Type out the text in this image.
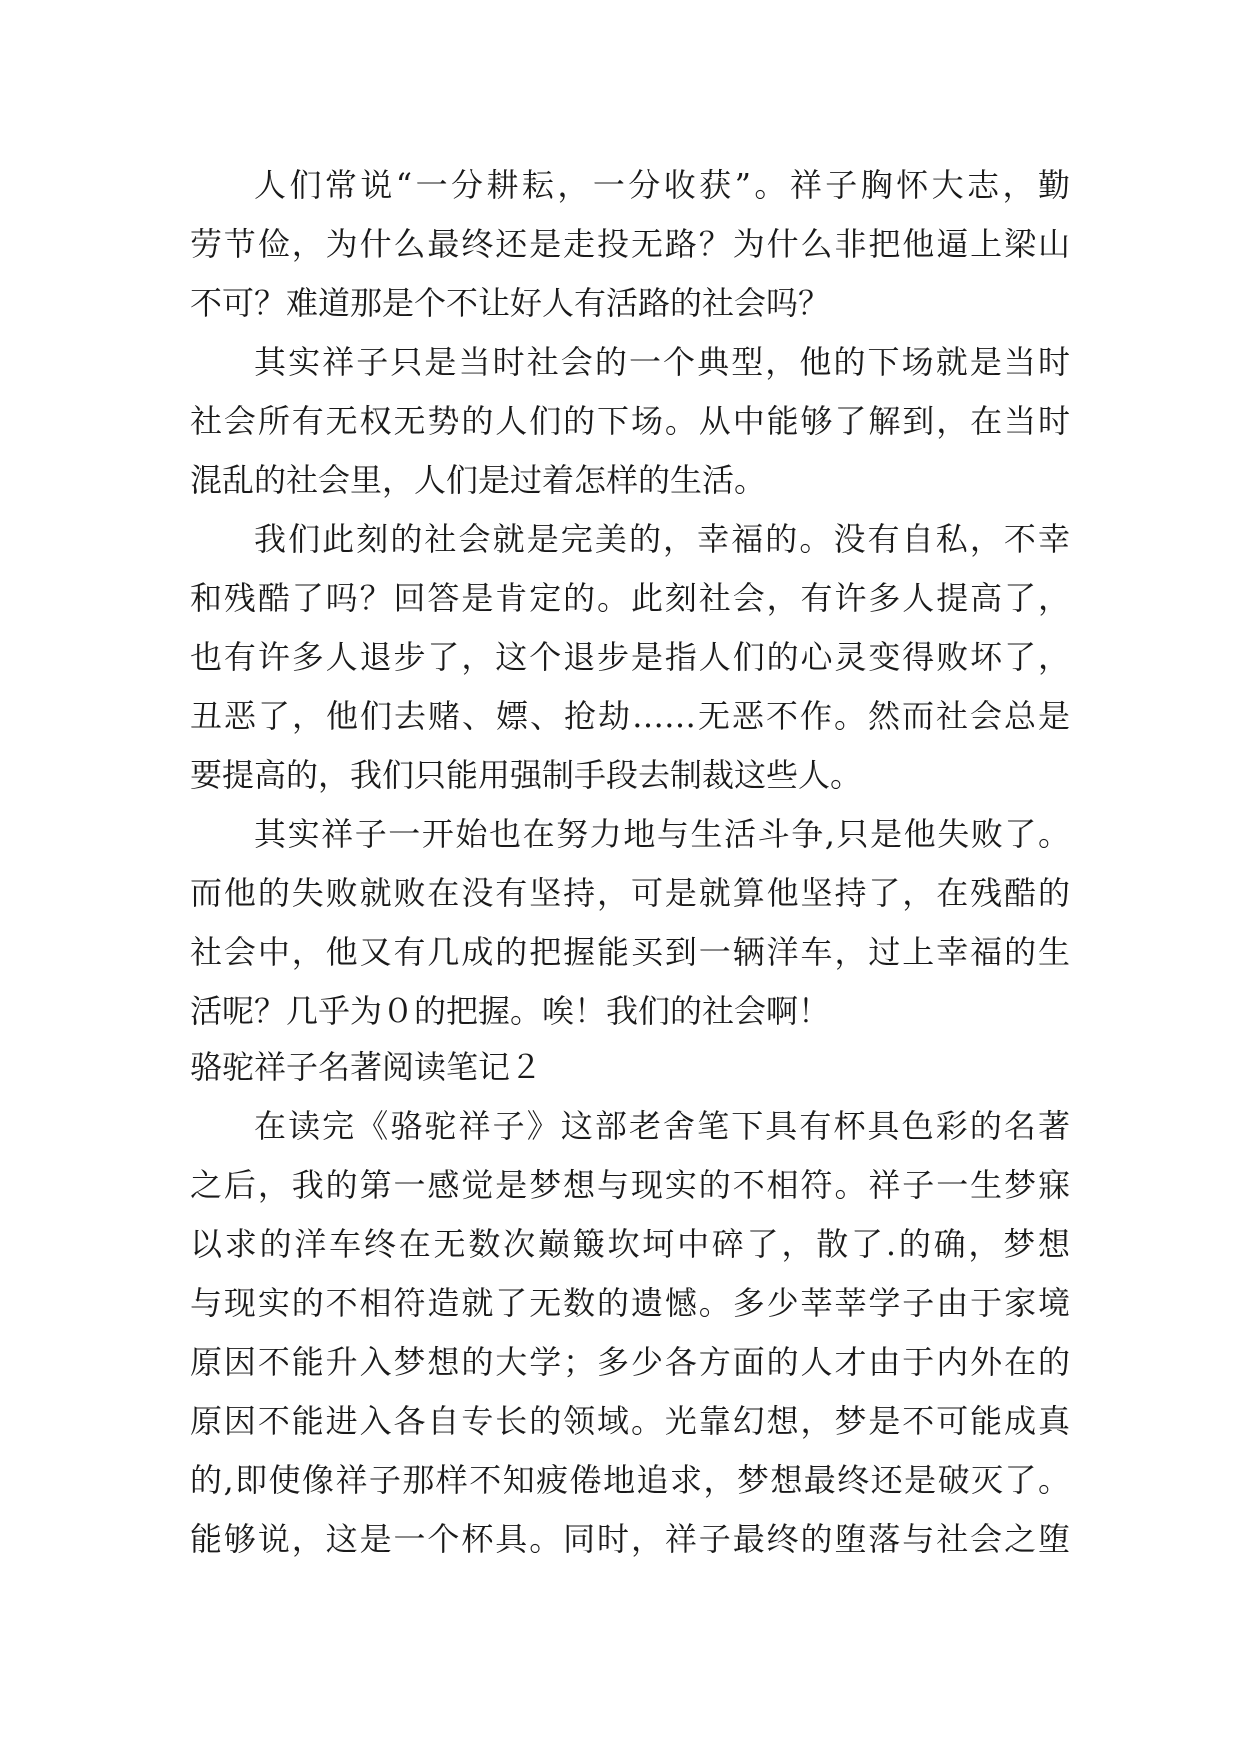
人们常说“一分耕耘，一分收获”。祥子胸怀大志，勤
劳节俭，为什么最终还是走投无路？为什么非把他逼上梁山
不可？难道那是个不让好人有活路的社会吗？
其实祥子只是当时社会的一个典型，他的下场就是当时
社会所有无权无势的人们的下场。从中能够了解到，在当时
混乱的社会里，人们是过着怎样的生活。
我们此刻的社会就是完美的，幸福的。没有自私，不幸
和残酷了吗？回答是肯定的。此刻社会，有许多人提高了，
也有许多人退步了，这个退步是指人们的心灵变得败坏了，
丑恶了，他们去赌、嫖、抢劫……无恶不作。然而社会总是
要提高的，我们只能用强制手段去制裁这些人。
其实祥子一开始也在努力地与生活斗争,只是他失败了。
而他的失败就败在没有坚持，可是就算他坚持了，在残酷的
社会中，他又有几成的把握能买到一辆洋车，过上幸福的生
活呢？几乎为０的把握。唉！我们的社会啊！
骆驼祥子名著阅读笔记２
在读完《骆驼祥子》这部老舍笔下具有杯具色彩的名著
之后，我的第一感觉是梦想与现实的不相符。祥子一生梦寐
以求的洋车终在无数次巅簸坎坷中碎了，散了.的确，梦想
与现实的不相符造就了无数的遗憾。多少莘莘学子由于家境
原因不能升入梦想的大学；多少各方面的人才由于内外在的
原因不能进入各自专长的领域。光靠幻想，梦是不可能成真
的,即使像祥子那样不知疲倦地追求，梦想最终还是破灭了。
能够说，这是一个杯具。同时，祥子最终的堕落与社会之堕
